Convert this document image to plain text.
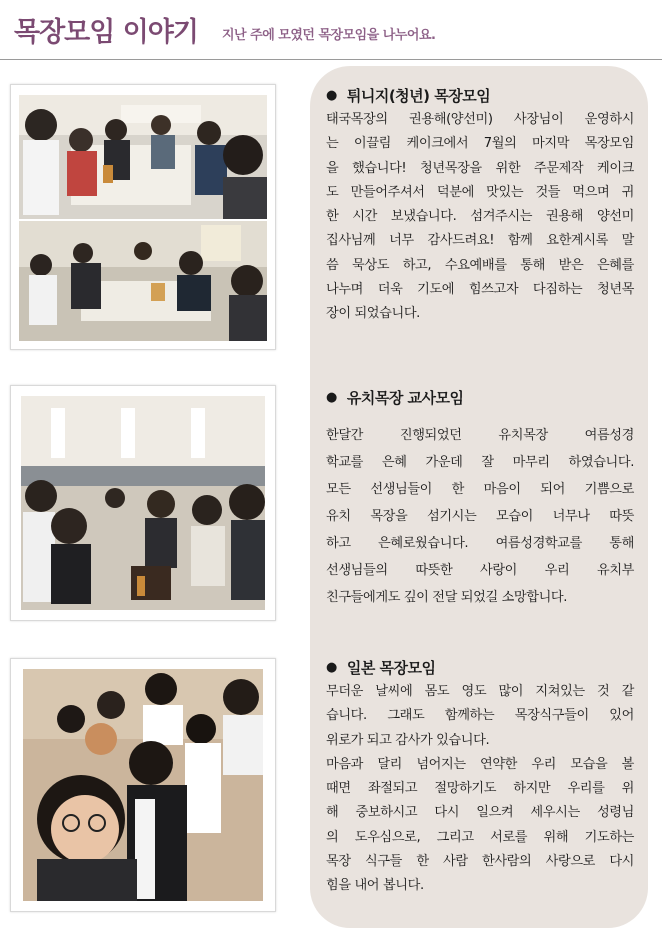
목장모임 이야기 지난 주에 모였던 목장모임을 나누어요.
● 튀니지(청년) 목장모임
태국목장의 권용해(양선미) 사장님이 운영하시
는 이끌림 케이크에서 7월의 마지막 목장모임
을 했습니다! 청년목장을 위한 주문제작 케이크
도 만들어주셔서 덕분에 맛있는 것들 먹으며 귀
한 시간 보냈습니다. 섬겨주시는 권용해 양선미
집사님께 너무 감사드려요! 함께 요한계시록 말
씀 묵상도 하고, 수요예배를 통해 받은 은혜를
나누며 더욱 기도에 힘쓰고자 다짐하는 청년목
장이 되었습니다.
● 유치목장 교사모임
한달간 진행되었던 유치목장 여름성경
학교를 은혜 가운데 잘 마무리 하였습니다.
모든 선생님들이 한 마음이 되어 기쁨으로
유치 목장을 섬기시는 모습이 너무나 따뜻
하고 은혜로웠습니다. 여름성경학교를 통해
선생님들의 따뜻한 사랑이 우리 유치부
친구들에게도 깊이 전달 되었길 소망합니다.
● 일본 목장모임
무더운 날씨에 몸도 영도 많이 지쳐있는 것 같
습니다. 그래도 함께하는 목장식구들이 있어
위로가 되고 감사가 있습니다.
마음과 달리 넘어지는 연약한 우리 모습을 볼
때면 좌절되고 절망하기도 하지만 우리를 위
해 중보하시고 다시 일으켜 세우시는 성령님
의 도우심으로, 그리고 서로를 위해 기도하는
목장 식구들 한 사람 한사람의 사랑으로 다시
힘을 내어 봅니다.
